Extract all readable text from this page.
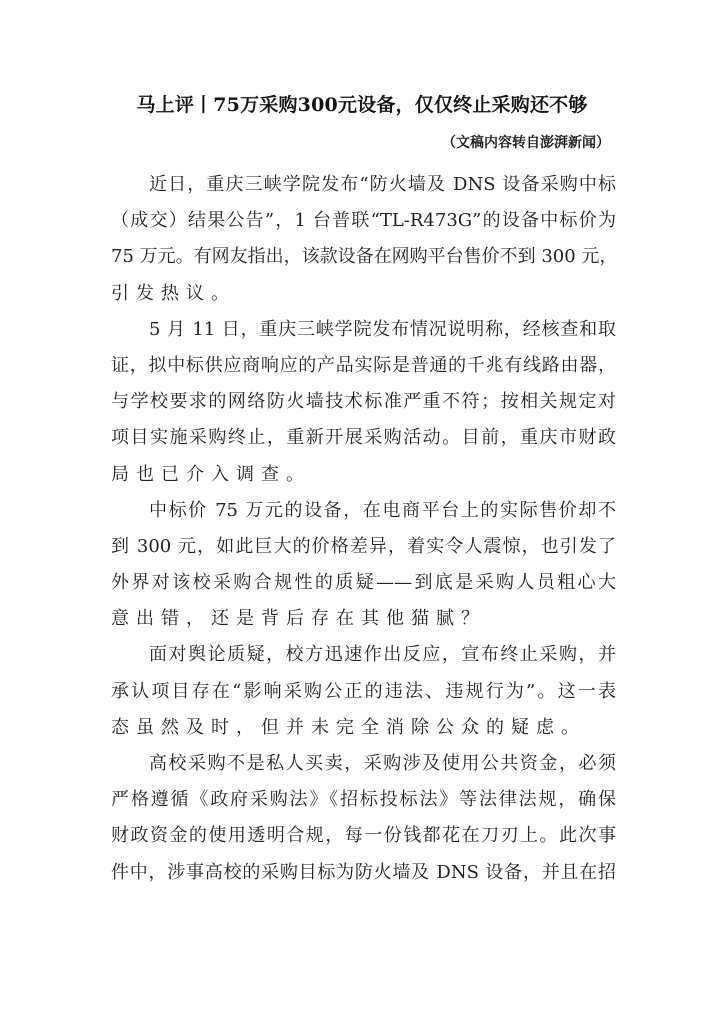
马上评丨75万采购300元设备，仅仅终止采购还不够
（文稿内容转自澎湃新闻）
近日，重庆三峡学院发布“防火墙及 DNS 设备采购中标
（成交）结果公告”，1 台普联“TL-R473G”的设备中标价为
75 万元。有网友指出，该款设备在网购平台售价不到 300 元，
引发热议。
5 月 11 日，重庆三峡学院发布情况说明称，经核查和取
证，拟中标供应商响应的产品实际是普通的千兆有线路由器，
与学校要求的网络防火墙技术标准严重不符；按相关规定对
项目实施采购终止，重新开展采购活动。目前，重庆市财政
局也已介入调查。
中标价 75 万元的设备，在电商平台上的实际售价却不
到 300 元，如此巨大的价格差异，着实令人震惊，也引发了
外界对该校采购合规性的质疑——到底是采购人员粗心大
意出错，还是背后存在其他猫腻？
面对舆论质疑，校方迅速作出反应，宣布终止采购，并
承认项目存在“影响采购公正的违法、违规行为”。这一表
态虽然及时，但并未完全消除公众的疑虑。
高校采购不是私人买卖，采购涉及使用公共资金，必须
严格遵循《政府采购法》《招标投标法》等法律法规，确保
财政资金的使用透明合规，每一份钱都花在刀刃上。此次事
件中，涉事高校的采购目标为防火墙及 DNS 设备，并且在招
